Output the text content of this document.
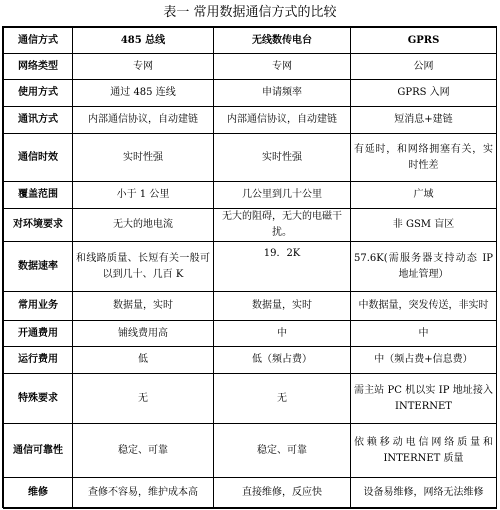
表一 常用数据通信方式的比较
通信方式	485 总线	无线数传电台	GPRS
网络类型	专网	专网	公网
使用方式	通过 485 连线	申请频率	GPRS 入网
通讯方式	内部通信协议，自动建链	内部通信协议，自动建链	短消息+建链
通信时效	实时性强	实时性强	有延时，和网络拥塞有关，实时性差
覆盖范围	小于 1 公里	几公里到几十公里	广域
对环境要求	无大的地电流	无大的阻碍，无大的电磁干扰。	非 GSM 盲区
数据速率	和线路质量、长短有关一般可以到几十、几百 K	19．2K	57.6K(需服务器支持动态 IP 地址管理）
常用业务	数据量，实时	数据量，实时	中数据量，突发传送，非实时
开通费用	铺线费用高	中	中
运行费用	低	低（频占费）	中（频占费+信息费）
特殊要求	无	无	需主站 PC 机以实 IP 地址接入 INTERNET
通信可靠性	稳定、可靠	稳定、可靠	依赖移动电信网络质量和 INTERNET 质量
维修	查修不容易，维护成本高	直接维修，反应快	设备易维修，网络无法维修
